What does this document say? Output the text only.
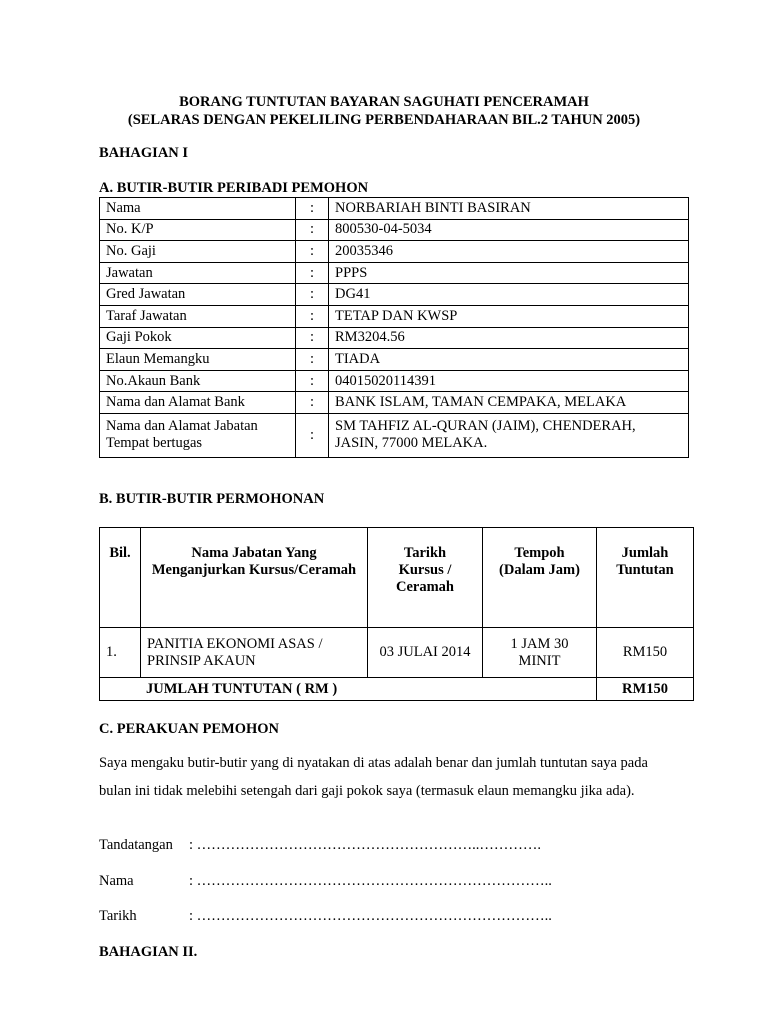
BORANG TUNTUTAN BAYARAN SAGUHATI PENCERAMAH
(SELARAS DENGAN PEKELILING PERBENDAHARAAN BIL.2 TAHUN 2005)
BAHAGIAN I
A. BUTIR-BUTIR PERIBADI PEMOHON
Nama	:	NORBARIAH BINTI BASIRAN
No. K/P	:	800530-04-5034
No. Gaji	:	20035346
Jawatan	:	PPPS
Gred Jawatan	:	DG41
Taraf Jawatan	:	TETAP DAN KWSP
Gaji Pokok	:	RM3204.56
Elaun Memangku	:	TIADA
No.Akaun Bank	:	04015020114391
Nama dan Alamat Bank	:	BANK ISLAM, TAMAN CEMPAKA, MELAKA
Nama dan Alamat Jabatan
Tempat bertugas	:	SM TAHFIZ AL-QURAN (JAIM), CHENDERAH,
JASIN, 77000 MELAKA.
B. BUTIR-BUTIR PERMOHONAN
Bil.	Nama Jabatan Yang
Menganjurkan Kursus/Ceramah	Tarikh
Kursus /
Ceramah	Tempoh
(Dalam Jam)	Jumlah
Tuntutan
1.	PANITIA EKONOMI ASAS /
PRINSIP AKAUN	03 JULAI 2014	1 JAM 30
MINIT	RM150
JUMLAH TUNTUTAN ( RM )				RM150
C. PERAKUAN PEMOHON

Saya mengaku butir-butir yang di nyatakan di atas adalah benar dan jumlah tuntutan saya pada

bulan ini tidak melebihi setengah dari gaji pokok saya (termasuk elaun memangku jika ada).

Tandatangan : …………………………………………………..………….
Nama	: ………………………………………………………………..
Tarikh	: ………………………………………………………………..
BAHAGIAN II.
